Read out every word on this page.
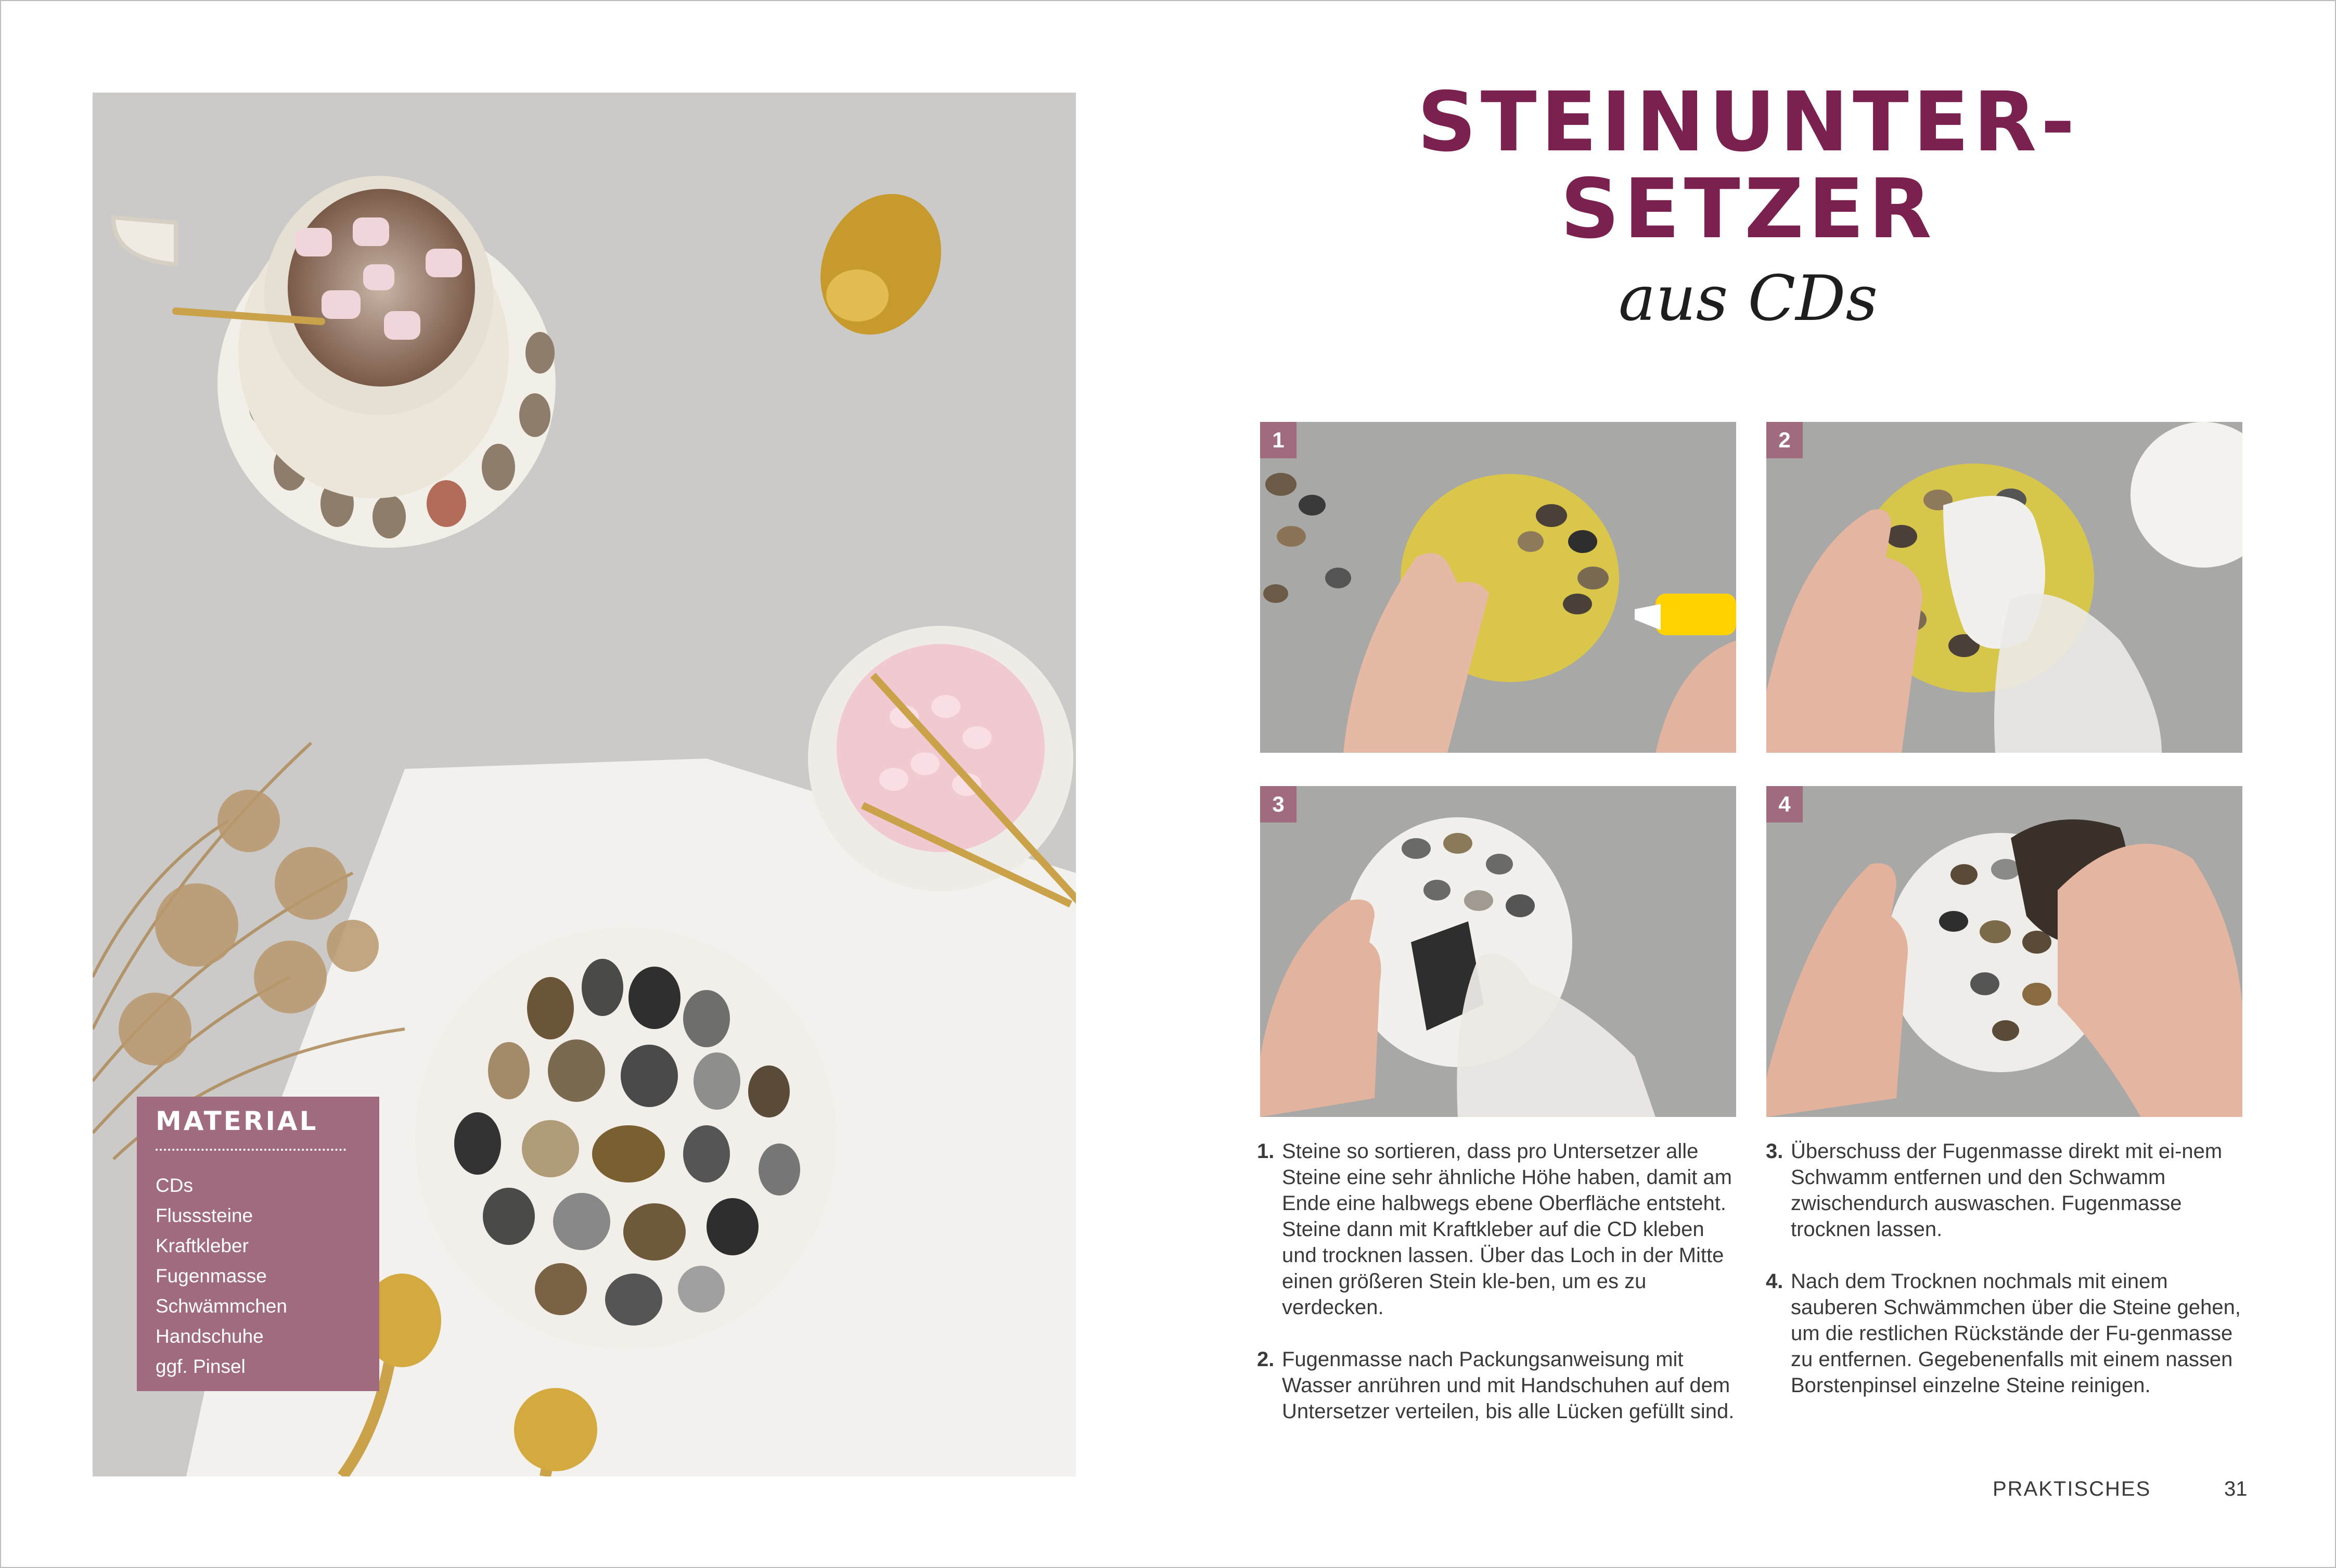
MATERIAL
CDs
Flusssteine
Kraftkleber
Fugenmasse
Schwämmchen
Handschuhe
ggf. Pinsel
STEINUNTER-
SETZER
aus CDs
1	2
3	4
1. Steine so sortieren, dass pro Untersetzer alle Steine eine sehr ähnliche Höhe haben, damit am Ende eine halbwegs ebene Oberfläche entsteht. Steine dann mit Kraftkleber auf die CD kleben und trocknen lassen. Über das Loch in der Mitte einen größeren Stein kle-ben, um es zu verdecken.
2. Fugenmasse nach Packungsanweisung mit Wasser anrühren und mit Handschuhen auf dem Untersetzer verteilen, bis alle Lücken gefüllt sind.
3. Überschuss der Fugenmasse direkt mit ei-nem Schwamm entfernen und den Schwamm zwischendurch auswaschen. Fugenmasse trocknen lassen.
4. Nach dem Trocknen nochmals mit einem sauberen Schwämmchen über die Steine gehen, um die restlichen Rückstände der Fu-genmasse zu entfernen. Gegebenenfalls mit einem nassen Borstenpinsel einzelne Steine reinigen.
PRAKTISCHES	31
